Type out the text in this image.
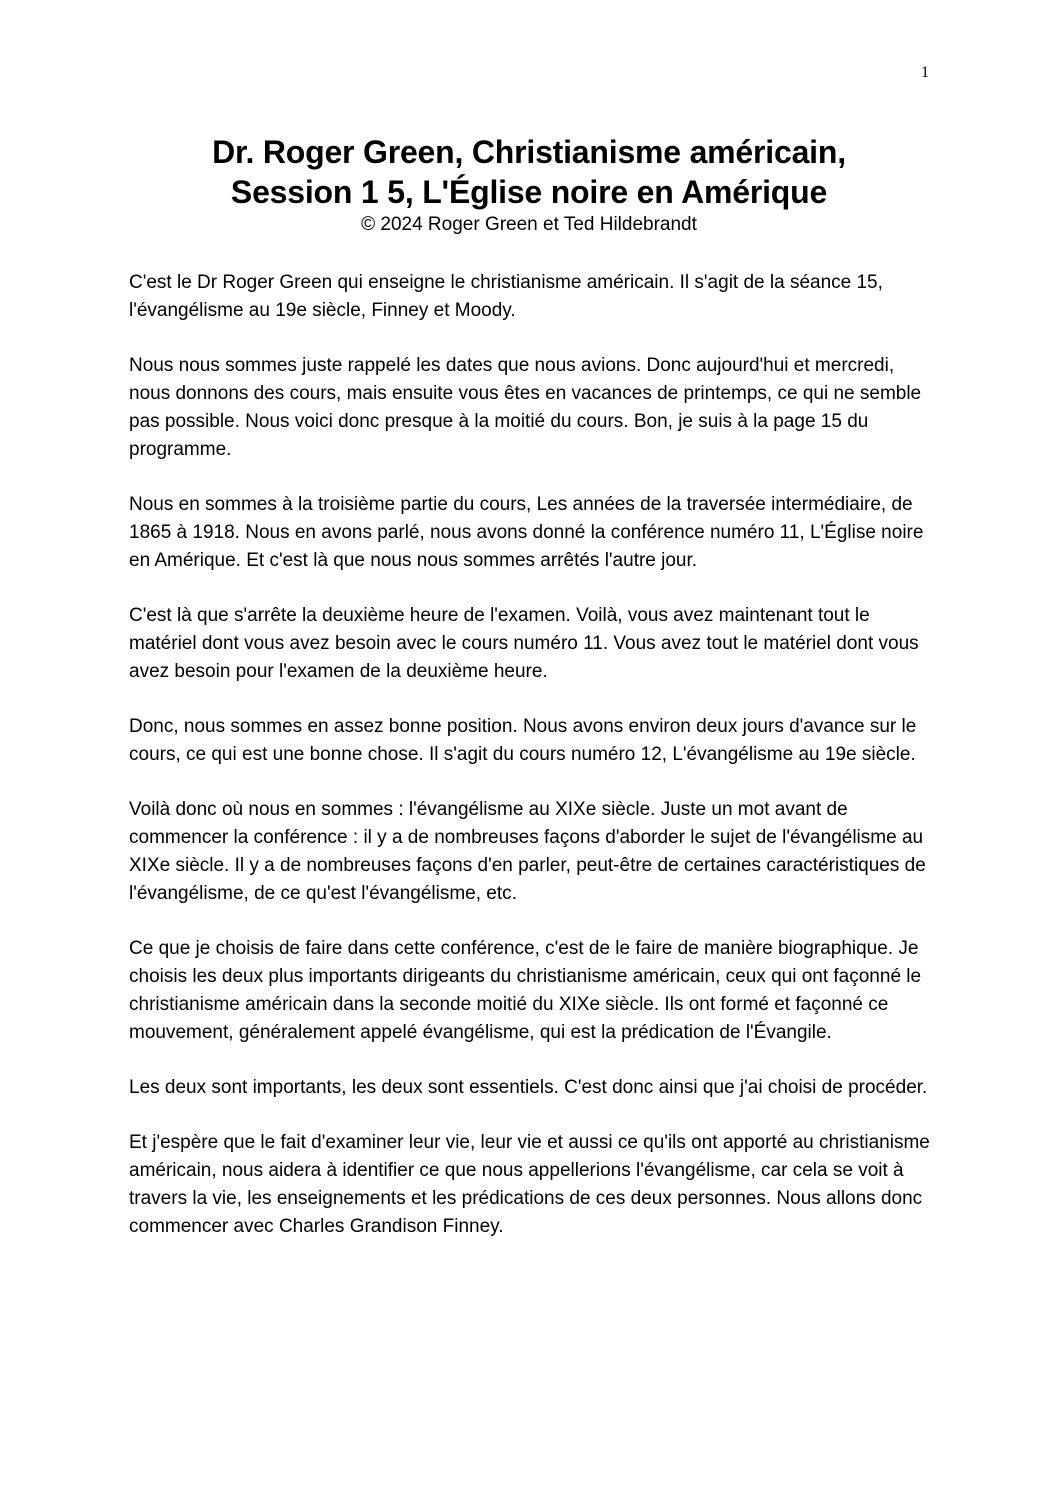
1
Dr. Roger Green, Christianisme américain,
Session 1 5, L'Église noire en Amérique
© 2024 Roger Green et Ted Hildebrandt

C'est le Dr Roger Green qui enseigne le christianisme américain. Il s'agit de la séance 15, l'évangélisme au 19e siècle, Finney et Moody.

Nous nous sommes juste rappelé les dates que nous avions. Donc aujourd'hui et mercredi, nous donnons des cours, mais ensuite vous êtes en vacances de printemps, ce qui ne semble pas possible. Nous voici donc presque à la moitié du cours. Bon, je suis à la page 15 du programme.

Nous en sommes à la troisième partie du cours, Les années de la traversée intermédiaire, de 1865 à 1918. Nous en avons parlé, nous avons donné la conférence numéro 11, L'Église noire en Amérique. Et c'est là que nous nous sommes arrêtés l'autre jour.

C'est là que s'arrête la deuxième heure de l'examen. Voilà, vous avez maintenant tout le matériel dont vous avez besoin avec le cours numéro 11. Vous avez tout le matériel dont vous avez besoin pour l'examen de la deuxième heure.

Donc, nous sommes en assez bonne position. Nous avons environ deux jours d'avance sur le cours, ce qui est une bonne chose. Il s'agit du cours numéro 12, L'évangélisme au 19e siècle.

Voilà donc où nous en sommes : l'évangélisme au XIXe siècle. Juste un mot avant de commencer la conférence : il y a de nombreuses façons d'aborder le sujet de l'évangélisme au XIXe siècle. Il y a de nombreuses façons d'en parler, peut-être de certaines caractéristiques de l'évangélisme, de ce qu'est l'évangélisme, etc.

Ce que je choisis de faire dans cette conférence, c'est de le faire de manière biographique. Je choisis les deux plus importants dirigeants du christianisme américain, ceux qui ont façonné le christianisme américain dans la seconde moitié du XIXe siècle. Ils ont formé et façonné ce mouvement, généralement appelé évangélisme, qui est la prédication de l'Évangile.

Les deux sont importants, les deux sont essentiels. C'est donc ainsi que j'ai choisi de procéder.

Et j'espère que le fait d'examiner leur vie, leur vie et aussi ce qu'ils ont apporté au christianisme américain, nous aidera à identifier ce que nous appellerions l'évangélisme, car cela se voit à travers la vie, les enseignements et les prédications de ces deux personnes. Nous allons donc commencer avec Charles Grandison Finney.
